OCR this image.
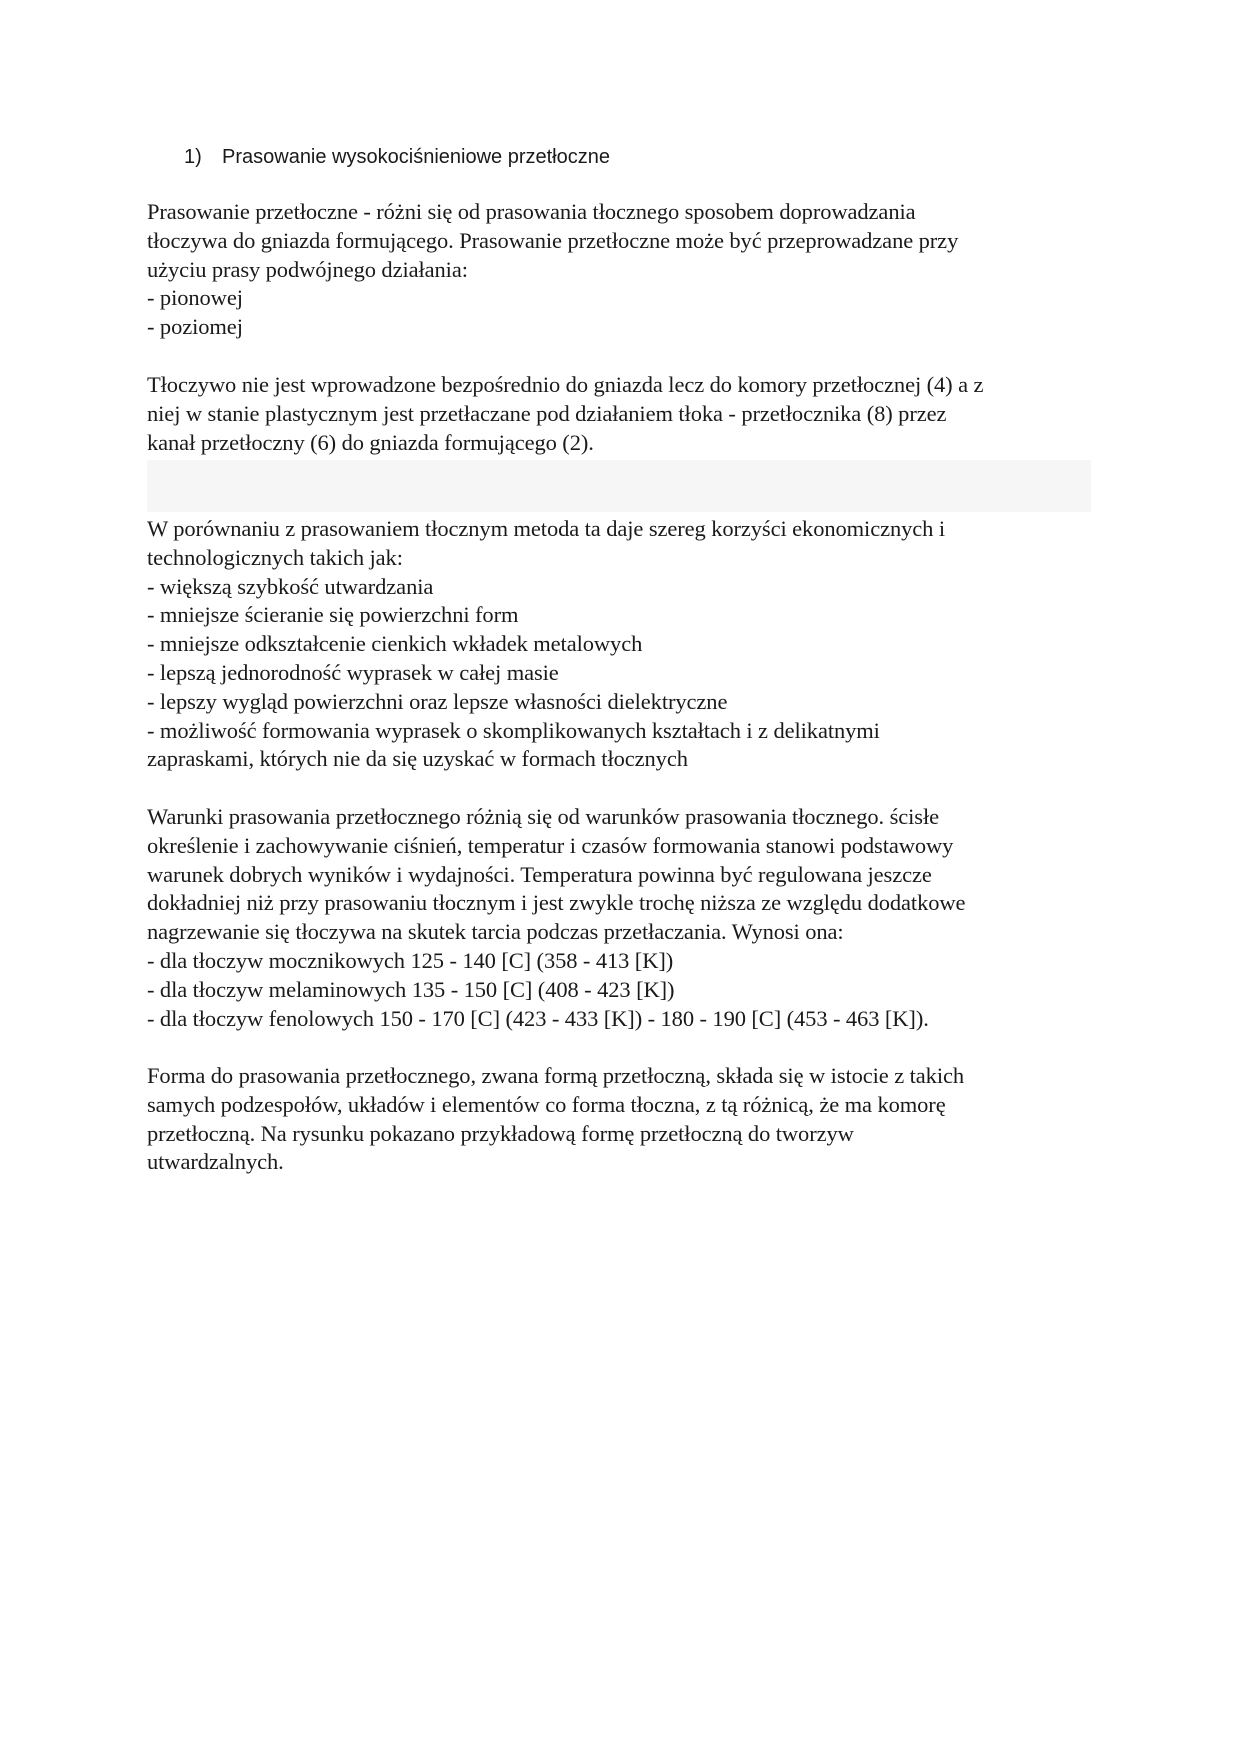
1) Prasowanie wysokociśnieniowe przetłoczne
Prasowanie przetłoczne - różni się od prasowania tłocznego sposobem doprowadzania
tłoczywa do gniazda formującego. Prasowanie przetłoczne może być przeprowadzane przy
użyciu prasy podwójnego działania:
- pionowej
- poziomej
Tłoczywo nie jest wprowadzone bezpośrednio do gniazda lecz do komory przetłocznej (4) a z
niej w stanie plastycznym jest przetłaczane pod działaniem tłoka - przetłocznika (8) przez
kanał przetłoczny (6) do gniazda formującego (2).
W porównaniu z prasowaniem tłocznym metoda ta daje szereg korzyści ekonomicznych i
technologicznych takich jak:
- większą szybkość utwardzania
- mniejsze ścieranie się powierzchni form
- mniejsze odkształcenie cienkich wkładek metalowych
- lepszą jednorodność wyprasek w całej masie
- lepszy wygląd powierzchni oraz lepsze własności dielektryczne
- możliwość formowania wyprasek o skomplikowanych kształtach i z delikatnymi
zapraskami, których nie da się uzyskać w formach tłocznych
Warunki prasowania przetłocznego różnią się od warunków prasowania tłocznego. ścisłe
określenie i zachowywanie ciśnień, temperatur i czasów formowania stanowi podstawowy
warunek dobrych wyników i wydajności. Temperatura powinna być regulowana jeszcze
dokładniej niż przy prasowaniu tłocznym i jest zwykle trochę niższa ze względu dodatkowe
nagrzewanie się tłoczywa na skutek tarcia podczas przetłaczania. Wynosi ona:
- dla tłoczyw mocznikowych 125 - 140 [C] (358 - 413 [K])
- dla tłoczyw melaminowych 135 - 150 [C] (408 - 423 [K])
- dla tłoczyw fenolowych 150 - 170 [C] (423 - 433 [K]) - 180 - 190 [C] (453 - 463 [K]).
Forma do prasowania przetłocznego, zwana formą przetłoczną, składa się w istocie z takich
samych podzespołów, układów i elementów co forma tłoczna, z tą różnicą, że ma komorę
przetłoczną. Na rysunku pokazano przykładową formę przetłoczną do tworzyw
utwardzalnych.
